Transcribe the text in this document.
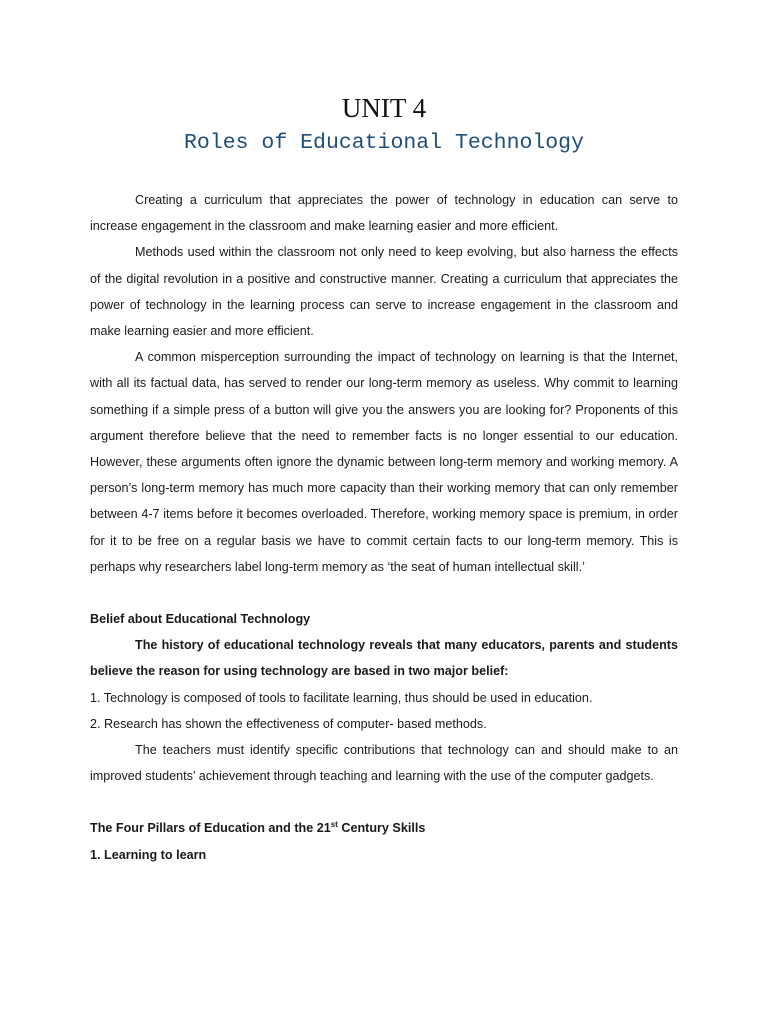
UNIT 4
Roles of Educational Technology

Creating a curriculum that appreciates the power of technology in education can serve to increase engagement in the classroom and make learning easier and more efficient.

Methods used within the classroom not only need to keep evolving, but also harness the effects of the digital revolution in a positive and constructive manner. Creating a curriculum that appreciates the power of technology in the learning process can serve to increase engagement in the classroom and make learning easier and more efficient.

A common misperception surrounding the impact of technology on learning is that the Internet, with all its factual data, has served to render our long-term memory as useless. Why commit to learning something if a simple press of a button will give you the answers you are looking for? Proponents of this argument therefore believe that the need to remember facts is no longer essential to our education. However, these arguments often ignore the dynamic between long-term memory and working memory. A person’s long-term memory has much more capacity than their working memory that can only remember between 4-7 items before it becomes overloaded. Therefore, working memory space is premium, in order for it to be free on a regular basis we have to commit certain facts to our long-term memory. This is perhaps why researchers label long-term memory as ‘the seat of human intellectual skill.’

Belief about Educational Technology

The history of educational technology reveals that many educators, parents and students believe the reason for using technology are based in two major belief:

1. Technology is composed of tools to facilitate learning, thus should be used in education.

2. Research has shown the effectiveness of computer- based methods.

The teachers must identify specific contributions that technology can and should make to an improved students’ achievement through teaching and learning with the use of the computer gadgets.

The Four Pillars of Education and the 21st Century Skills

1. Learning to learn
